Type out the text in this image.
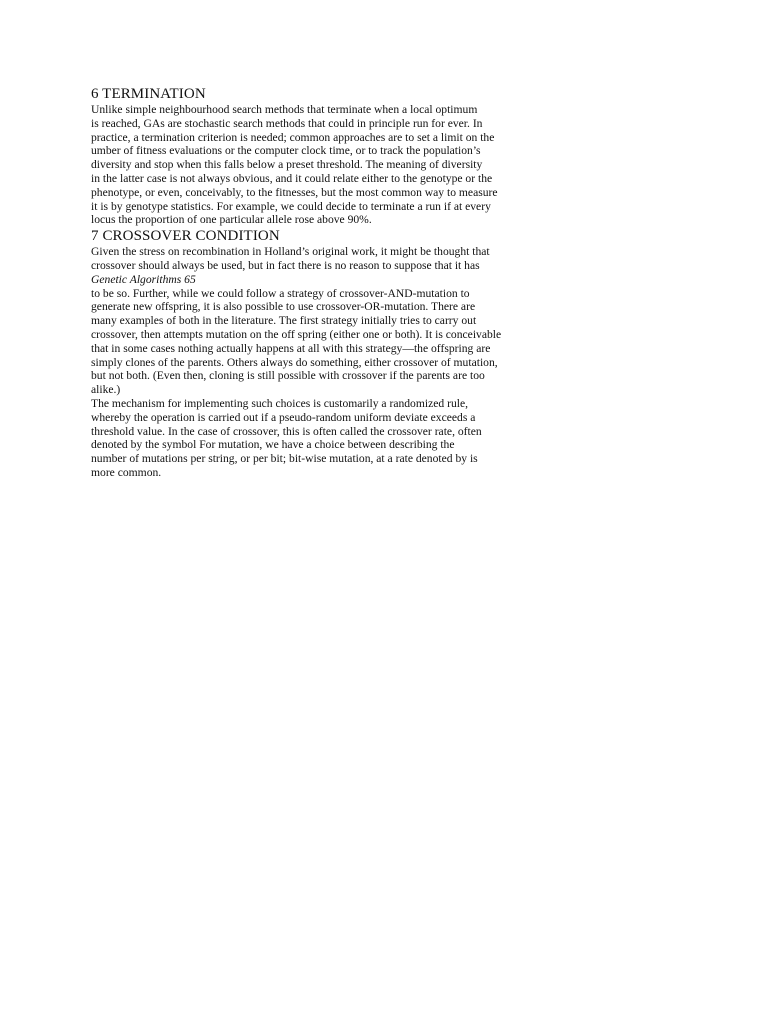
6 TERMINATION

Unlike simple neighbourhood search methods that terminate when a local optimum

is reached, GAs are stochastic search methods that could in principle run for ever. In

practice, a termination criterion is needed; common approaches are to set a limit on the

umber of fitness evaluations or the computer clock time, or to track the population’s

diversity and stop when this falls below a preset threshold. The meaning of diversity

in the latter case is not always obvious, and it could relate either to the genotype or the

phenotype, or even, conceivably, to the fitnesses, but the most common way to measure

it is by genotype statistics. For example, we could decide to terminate a run if at every

locus the proportion of one particular allele rose above 90%.

7 CROSSOVER CONDITION

Given the stress on recombination in Holland’s original work, it might be thought that

crossover should always be used, but in fact there is no reason to suppose that it has

Genetic Algorithms 65

to be so. Further, while we could follow a strategy of crossover-AND-mutation to

generate new offspring, it is also possible to use crossover-OR-mutation. There are

many examples of both in the literature. The first strategy initially tries to carry out

crossover, then attempts mutation on the off spring (either one or both). It is conceivable

that in some cases nothing actually happens at all with this strategy—the offspring are

simply clones of the parents. Others always do something, either crossover of mutation,

but not both. (Even then, cloning is still possible with crossover if the parents are too

alike.)

The mechanism for implementing such choices is customarily a randomized rule,

whereby the operation is carried out if a pseudo-random uniform deviate exceeds a

threshold value. In the case of crossover, this is often called the crossover rate, often

denoted by the symbol For mutation, we have a choice between describing the

number of mutations per string, or per bit; bit-wise mutation, at a rate denoted by is

more common.
